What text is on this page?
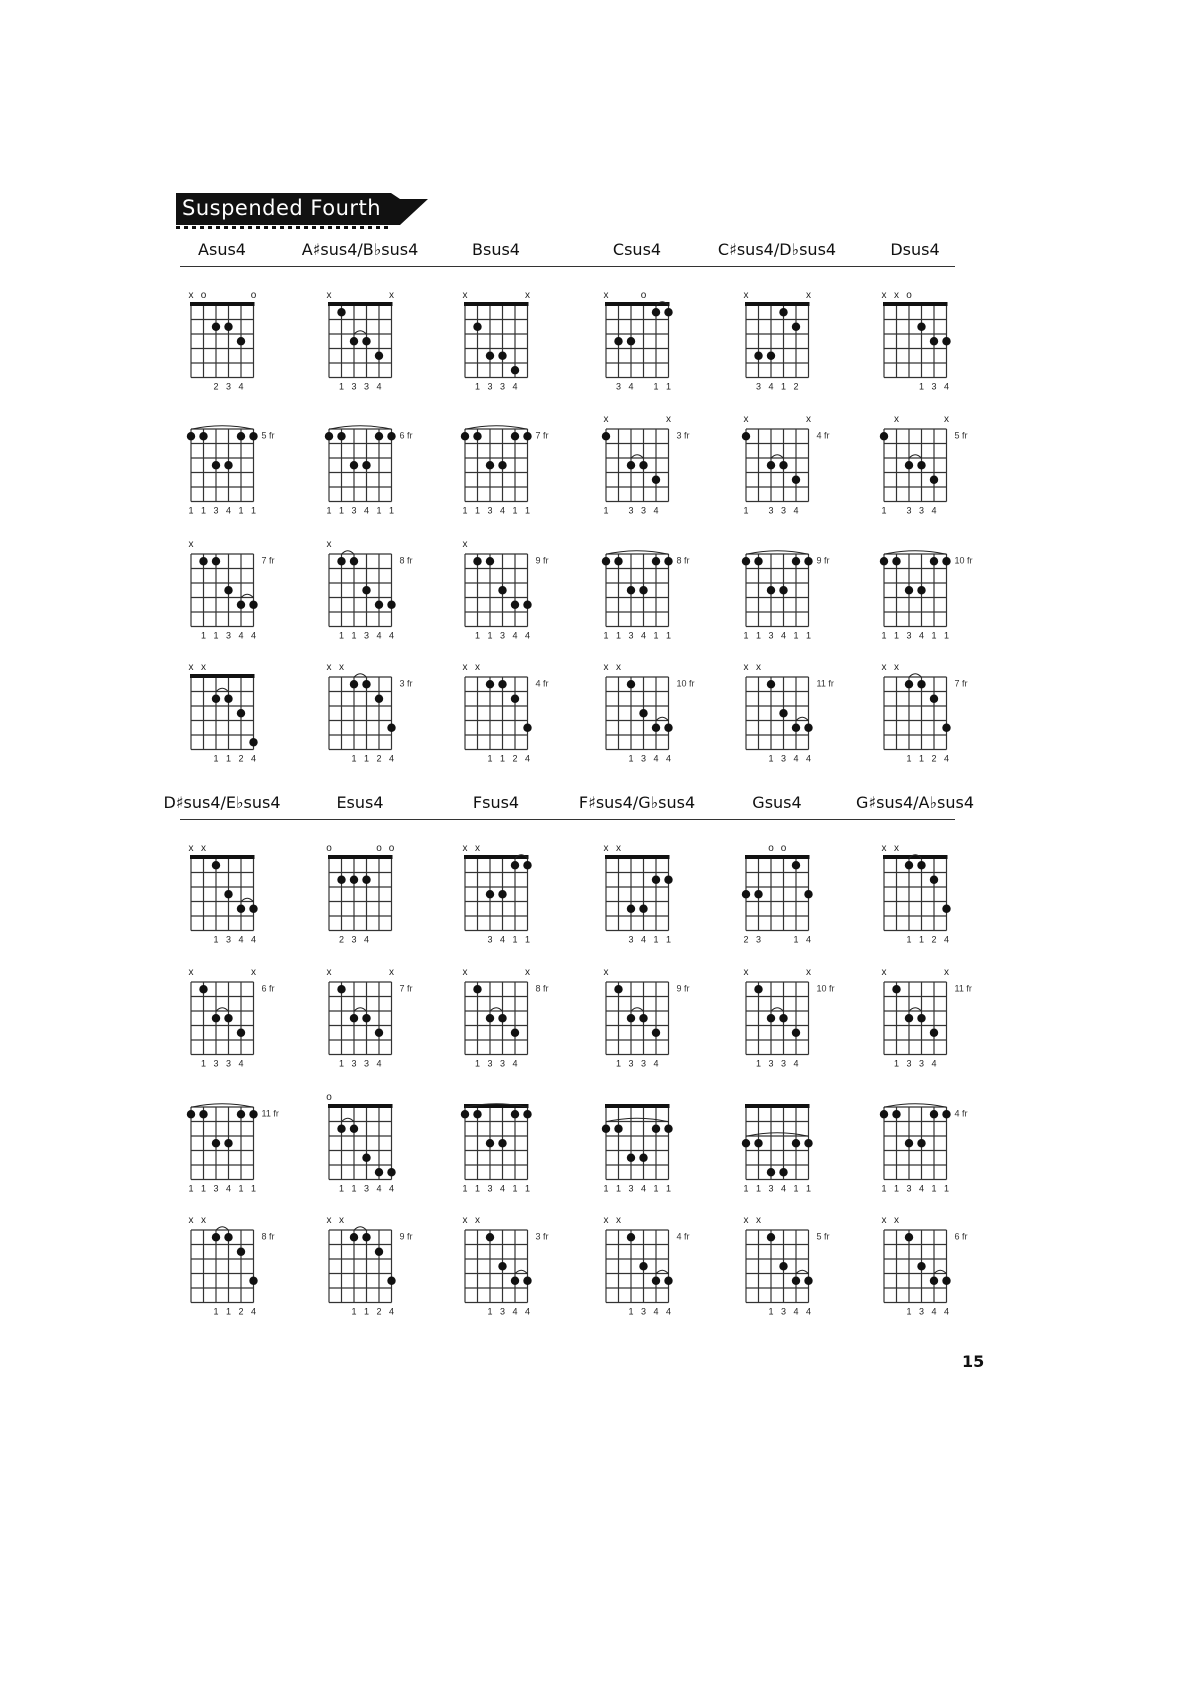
Suspended Fourth
x o	o
2 3 4
5 fr
1 1 3 4 1 1
x
7 fr
1 1 3 4 4
x x
1 1 2 4
x	x
1 3 3 4
6 fr
1 1 3 4 1 1
x
8 fr
1 1 3 4 4
x x
3 fr
1 1 2 4
x	x
1 3 3 4
7 fr
1 1 3 4 1 1
x
9 fr
1 1 3 4 4
x x
4 fr
1 1 2 4
x	o
3 4 1 1
x	x
3 fr
1 3 3 4
8 fr
1 1 3 4 1 1
x x
10 fr
1 3 4 4
x	x
3 4 1 2
x	x
4 fr
1 3 3 4
9 fr
1 1 3 4 1 1
x x
11 fr
1 3 4 4
x x o
1 3 4
x	x
5 fr
1 3 3 4
10 fr
1 1 3 4 1 1
x x
7 fr
1 1 2 4
x x
1 3 4 4
x	x
6 fr
1 3 3 4
11 fr
1 1 3 4 1 1
x x
8 fr
1 1 2 4
o	o o
2 3 4
x	x
7 fr
1 3 3 4
o
1 1 3 4 4
x x
9 fr
1 1 2 4
x x
3 4 1 1
x	x
8 fr
1 3 3 4
1 1 3 4 1 1
x x
3 fr
1 3 4 4
x x
3 4 1 1
x
9 fr
1 3 3 4
1 1 3 4 1 1
x x
4 fr
1 3 4 4
o o
2 3	1 4
x	x
10 fr
1 3 3 4
1 1 3 4 1 1
x x
5 fr
1 3 4 4
x x
1 1 2 4
x	x
11 fr
1 3 3 4
4 fr
1 1 3 4 1 1
x x
6 fr
1 3 4 4
15
Asus4	A♯sus4/B♭sus4	Bsus4	Csus4	C♯sus4/D♭sus4	Dsus4
D♯sus4/E♭sus4	Esus4	Fsus4	F♯sus4/G♭sus4	Gsus4	G♯sus4/A♭sus4
